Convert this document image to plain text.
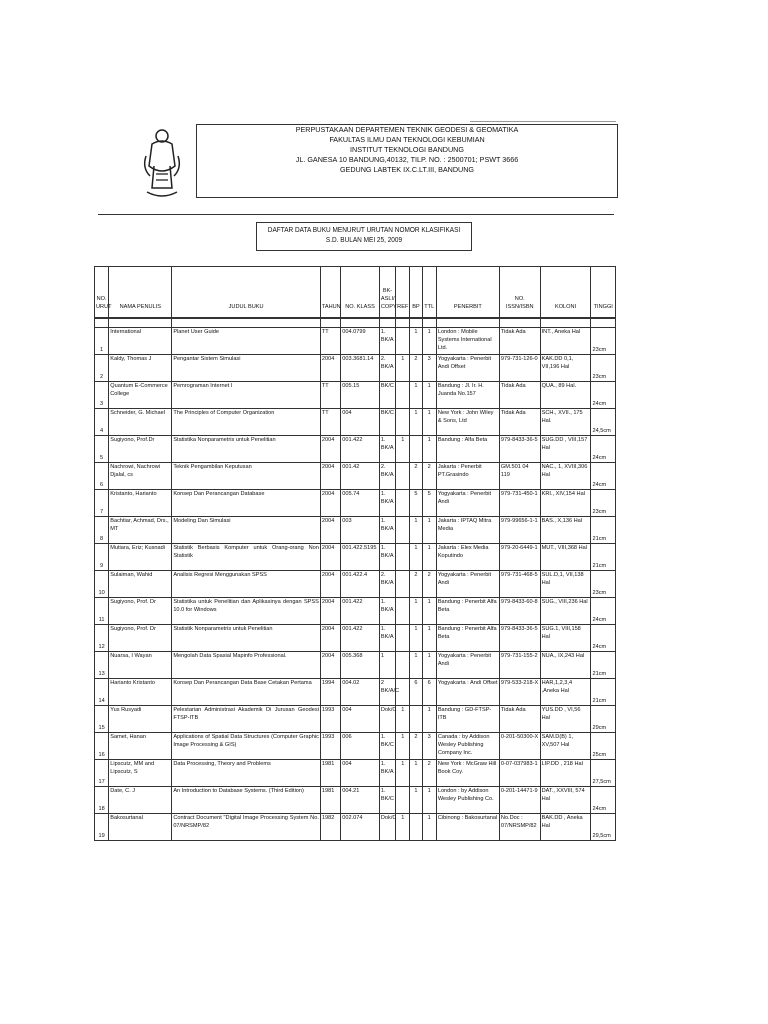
PERPUSTAKAAN DEPARTEMEN TEKNIK GEODESI & GEOMATIKA
FAKULTAS ILMU DAN TEKNOLOGI KEBUMIAN
INSTITUT TEKNOLOGI BANDUNG
JL. GANESA 10 BANDUNG,40132, TILP. NO. : 2500701; PSWT 3666
GEDUNG LABTEK IX.C.LT.III, BANDUNG
DAFTAR DATA BUKU MENURUT URUTAN NOMOR KLASIFIKASI
S.D. BULAN MEI 25, 2009
NO. URUT	NAMA PENULIS	JUDUL BUKU	TAHUN	NO. KLASS	BK-ASLI/ COPY	REF	BP	TTL	PENERBIT	NO. ISSN/ISBN	KOLONI	TINGGI

1	International	Planet User Guide	TT	004.0799	1. BK/A		1	1	London : Mobile Systems International Ltd.	Tidak Ada	INT., Aneka Hal	23cm
2	Kaldy, Thomas J	Pengantar Sistem Simulasi	2004	003.3681.14	2. BK/A	1	2	3	Yogyakarta : Penerbit Andi Offset	979-731-126-0	KAK.DD 0,1, VII,196 Hal	23cm
3	Quantum E-Commerce College	Pemrograman Internet I	TT	005.15	BK/C		1	1	Bandung : Jl. Ir. H. Juanda No.157	Tidak Ada	QUA., 89 Hal.	24cm
4	Schneider, G. Michael	The Principles of Computer Organization	TT	004	BK/C		1	1	New York : John Wiley & Sons, Ltd	Tidak Ada	SCH., XVII., 175 Hal.	24,5cm
5	Sugiyono, Prof.Dr	Statistika Nonparametris untuk Penelitian	2004	001.422	1. BK/A	1		1	Bandung : Alfa Beta	979-8433-36-5	SUG.DD , VIII,157 Hal	24cm
6	Nachrowi, Nachrowi Djalal, cs	Teknik Pengambilan Keputusan	2004	001.42	2. BK/A		2	2	Jakarta : Penerbit PT.Grasindo	GM.501 04 119	NAC., 1, XVIII,306 Hal	24cm
7	Kristanto, Harianto	Konsep Dan Perancangan Database	2004	005.74	1. BK/A		5	5	Yogyakarta : Penerbit Andi	979-731-450-1	KRI., XIV,154 Hal	23cm
8	Bachtiar, Achmad, Drs., MT	Modeling Dan Simulasi	2004	003	1. BK/A		1	1	Jakarta : IPTAQ Mitra Media	979-99656-1-1	BAS., X,136 Hal	21cm
9	Mutiara, Eriz; Kusnadi	Statistik Berbasis Komputer untuk Orang-orang Non Statistik	2004	001.422.5195	1. BK/A		1	1	Jakarta : Elex Media Koputindo	979-20-6449-1	MUT., VIII,368 Hal	21cm
10	Sulaiman, Wahid	Analisis Regresi Menggunakan SPSS	2004	001.422.4	2. BK/A		2	2	Yogyakarta : Penerbit Andi	979-731-468-5	SUL.D,1, VII,138 Hal	23cm
11	Sugiyono, Prof. Dr	Statistika untuk Penelitian dan Aplikasinya dengan SPSS 10.0 for Windows	2004	001.422	1. BK/A		1	1	Bandung : Penerbit Alfa Beta	979-8433-60-8	SUG., VIII,236 Hal	24cm
12	Sugiyono, Prof. Dr	Statistik Nonparametris untuk Penelitian	2004	001.422	1. BK/A		1	1	Bandung : Penerbit Alfa Beta	979-8433-36-5	SUG.1, VIII,158 Hal	24cm
13	Nuarsa, I Wayan	Mengolah Data Spasial Mapinfo Professional.	2004	005.368	1		1	1	Yogyakarta : Penerbit Andi	979-731-155-2	NUA., IX,243 Hal	21cm
14	Harianto Kristanto	Konsep Dan Perancangan Data Base Cetakan Pertama	1994	004.02	2 BK/A/C		6	6	Yogyakarta : Andi Offset	979-533-218-X	HAR,1,2,3,4 ,Aneka Hal	21cm
15	Yus Rusyadi	Pelestarian Administrasi Akademik Di Jurusan Geodesi FTSP-ITB	1993	004	Dok/C	1		1	Bandung : GD-FTSP-ITB	Tidak Ada	YUS.DD , VI,56 Hal	29cm
16	Samet, Hanan	Applications of Spatial Data Structures (Computer Graphic Image Processing & GIS)	1993	006	1. BK/C	1	2	3	Canada : by Addison Wesley Publishing Company Inc.	0-201-50300-X	SAM.D(B) 1, XV,507 Hal	25cm
17	Lipscutz, MM and Lipscutz, S	Data Processing, Theory and Problems	1981	004	1. BK/A	1	1	2	New York : McGraw Hill Book Coy.	0-07-037983-1	LIP.DD , 218 Hal	27,5cm
18	Date, C. J	An Introduction to Database Systems. (Third Edition)	1981	004.21	1. BK/C		1	1	London : by Addison Wesley Publishing Co.	0-201-14471-9	DAT., XXVIII, 574 Hal	24cm
19	Bakosurtanal	Contract Document "Digital Image Processing System No. 07/NRSMP/82	1982	002.074	Dok/C	1		1	Cibinong : Bakosurtanal	No.Doc : 07/NRSMP/82	BAK.DD , Aneka Hal	29,5cm
